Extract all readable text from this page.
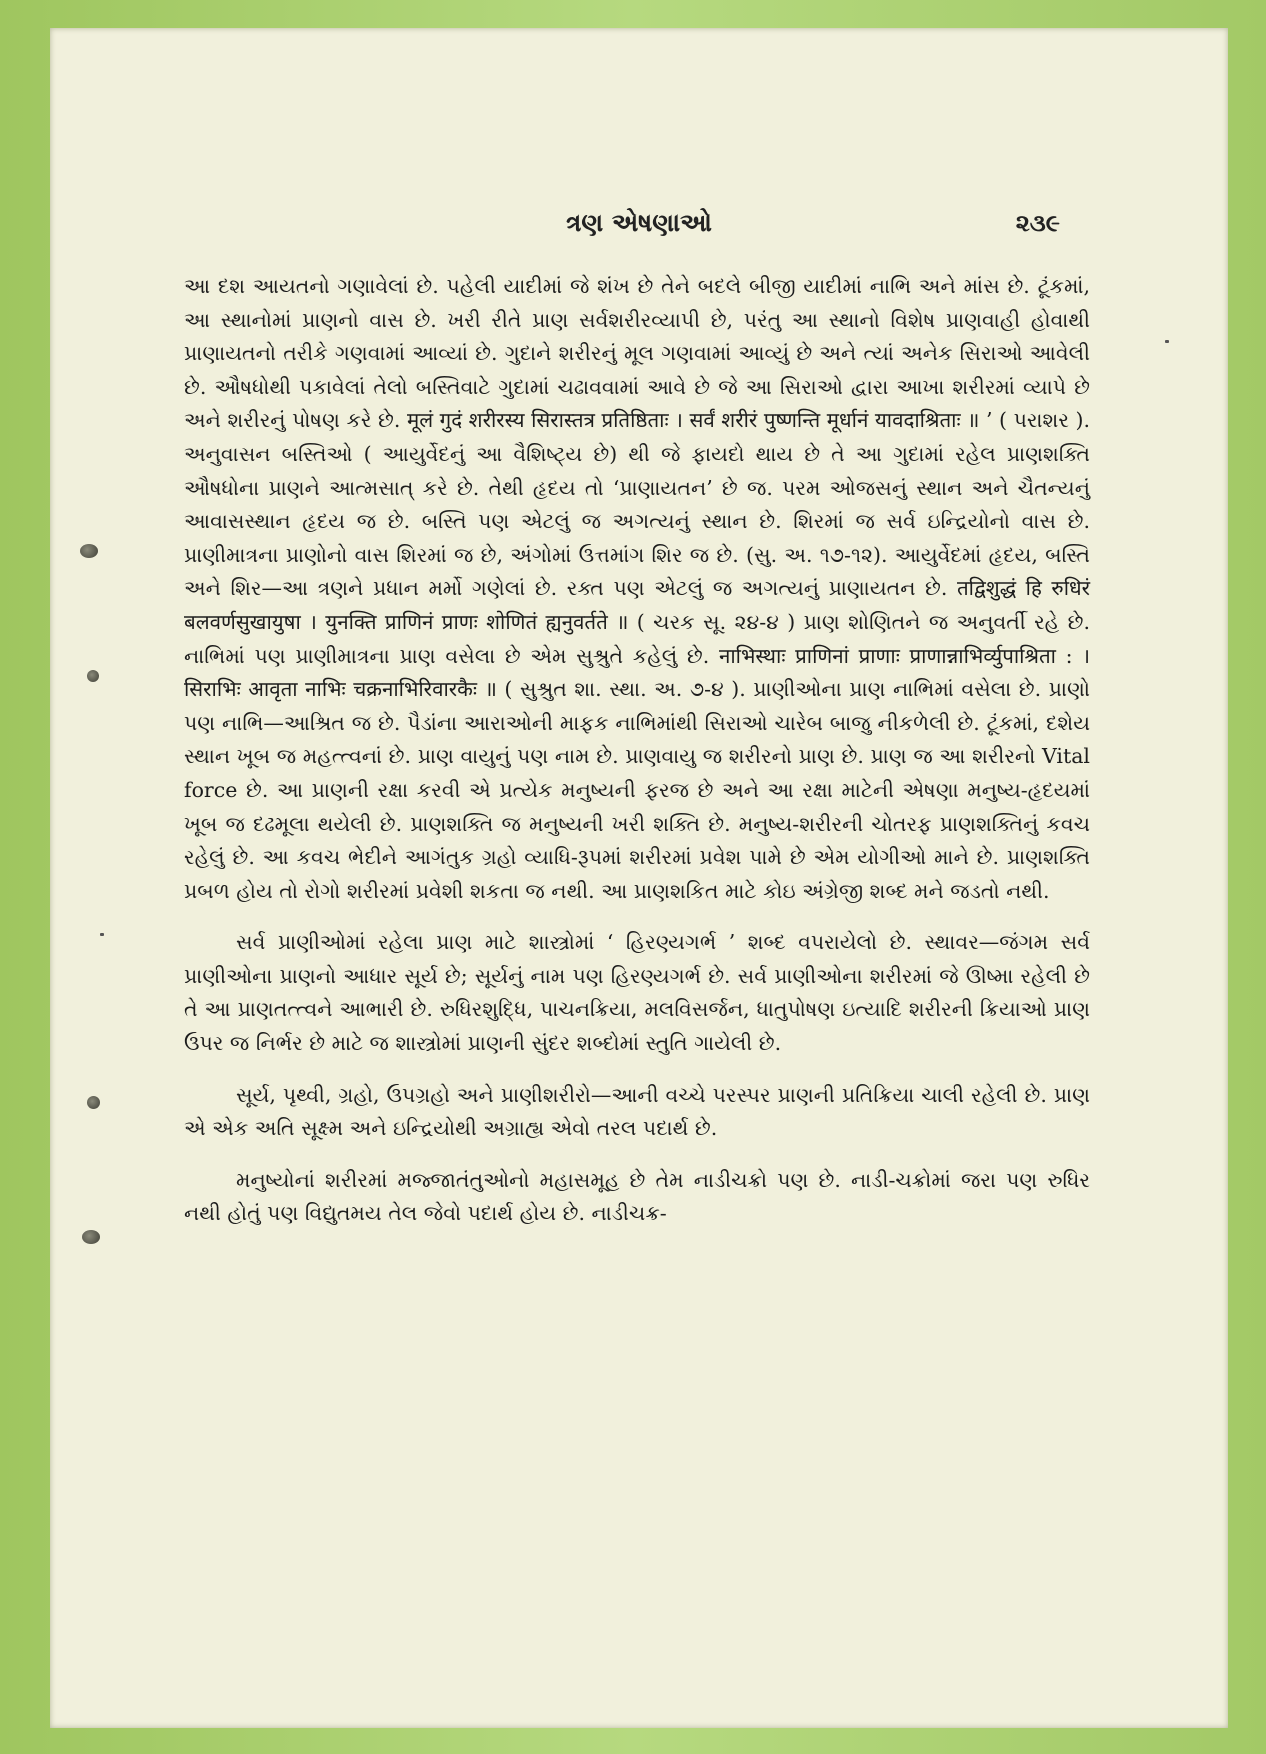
ત્રણ એષણાઓ	૨૩૯

આ દશ આયતનો ગણાવેલાં છે. પહેલી યાદીમાં જે શંખ છે તેને બદલે બીજી યાદીમાં નાભિ અને માંસ છે. ટૂંકમાં, આ સ્થાનોમાં પ્રાણનો વાસ છે. ખરી રીતે પ્રાણ સર્વશરીરવ્યાપી છે, પરંતુ આ સ્થાનો વિશેષ પ્રાણવાહી હોવાથી પ્રાણાયતનો તરીકે ગણવામાં આવ્યાં છે. ગુદાને શરીરનું મૂલ ગણવામાં આવ્યું છે અને ત્યાં અનેક સિરાઓ આવેલી છે. ઔષધોથી પકાવેલાં તેલો બસ્તિવાટે ગુદામાં ચઢાવવામાં આવે છે જે આ સિરાઓ દ્વારા આખા શરીરમાં વ્યાપે છે અને શરીરનું પોષણ કરે છે. मूलं गुदं शरीरस्य सिरास्तत्र प्रतिष्ठिताः । सर्वं शरीरं पुष्णन्ति मूर्धानं यावदाश्रिताः ॥ ’ ( પરાશર ). અનુવાસન બસ્તિઓ ( આયુર્વેદનું આ વૈશિષ્ટ્ય છે) થી જે ફાયદો થાય છે તે આ ગુદામાં રહેલ પ્રાણશક્તિ ઔષધોના પ્રાણને આત્મસાત્ કરે છે. તેથી હૃદય તો ‘પ્રાણાયતન’ છે જ. પરમ ઓજસનું સ્થાન અને ચૈતન્યનું આવાસસ્થાન હૃદય જ છે. બસ્તિ પણ એટલું જ અગત્યનું સ્થાન છે. શિરમાં જ સર્વ ઇન્દ્રિયોનો વાસ છે. પ્રાણીમાત્રના પ્રાણોનો વાસ શિરમાં જ છે, અંગોમાં ઉત્તમાંગ શિર જ છે. (સુ. અ. ૧૭-૧૨). આયુર્વેદમાં હૃદય, બસ્તિ અને શિર—આ ત્રણને પ્રધાન મર્મો ગણેલાં છે. રક્ત પણ એટલું જ અગત્યનું પ્રાણાયતન છે. तद्विशुद्धं हि रुधिरं बलवर्णसुखायुषा । युनक्ति प्राणिनं प्राणः शोणितं ह्यनुवर्तते ॥ ( ચરક સૂ. ૨૪-૪ ) પ્રાણ શોણિતને જ અનુવર્તી રહે છે. નાભિમાં પણ પ્રાણીમાત્રના પ્રાણ વસેલા છે એમ સુશ્રુતે કહેલું છે. नाभिस्थाः प्राणिनां प्राणाः प्राणान्नाभिर्व्युपाश्रिता : । सिराभिः आवृता नाभिः चक्रनाभिरिवारकैः ॥ ( સુશ્રુત શા. સ્થા. અ. ૭-૪ ). પ્રાણીઓના પ્રાણ નાભિમાં વસેલા છે. પ્રાણો પણ નાભિ—આશ્રિત જ છે. પૈડાંના આરાઓની માફક નાભિમાંથી સિરાઓ ચારેબ બાજુ નીકળેલી છે. ટૂંકમાં, દશેય સ્થાન ખૂબ જ મહત્ત્વનાં છે. પ્રાણ વાયુનું પણ નામ છે. પ્રાણવાયુ જ શરીરનો પ્રાણ છે. પ્રાણ જ આ શરીરનો Vital force છે. આ પ્રાણની રક્ષા કરવી એ પ્રત્યેક મનુષ્યની ફરજ છે અને આ રક્ષા માટેની એષણા મનુષ્ય-હૃદયમાં ખૂબ જ દઢમૂલા થયેલી છે. પ્રાણશક્તિ જ મનુષ્યની ખરી શક્તિ છે. મનુષ્ય-શરીરની ચોતરફ પ્રાણશક્તિનું કવચ રહેલું છે. આ કવચ ભેદીને આગંતુક ગ્રહો વ્યાધિ-રૂપમાં શરીરમાં પ્રવેશ પામે છે એમ યોગીઓ માને છે. પ્રાણશક્તિ પ્રબળ હોય તો રોગો શરીરમાં પ્રવેશી શકતા જ નથી. આ પ્રાણશકિત માટે કોઇ અંગ્રેજી શબ્દ મને જડતો નથી.

સર્વ પ્રાણીઓમાં રહેલા પ્રાણ માટે શાસ્ત્રોમાં ‘ હિરણ્યગર્ભ ’ શબ્દ વપરાયેલો છે. સ્થાવર—જંગમ સર્વ પ્રાણીઓના પ્રાણનો આધાર સૂર્ય છે; સૂર્યનું નામ પણ હિરણ્યગર્ભ છે. સર્વ પ્રાણીઓના શરીરમાં જે ઊષ્મા રહેલી છે તે આ પ્રાણતત્ત્વને આભારી છે. રુધિરશુદ્ધિ, પાચનક્રિયા, મલવિસર્જન, ધાતુપોષણ ઇત્યાદિ શરીરની ક્રિયાઓ પ્રાણ ઉપર જ નિર્ભર છે માટે જ શાસ્ત્રોમાં પ્રાણની સુંદર શબ્દોમાં સ્તુતિ ગાયેલી છે.

સૂર્ય, પૃથ્વી, ગ્રહો, ઉપગ્રહો અને પ્રાણીશરીરો—આની વચ્ચે પરસ્પર પ્રાણની પ્રતિક્રિયા ચાલી રહેલી છે. પ્રાણ એ એક અતિ સૂક્ષ્મ અને ઇન્દ્રિયોથી અગ્રાહ્ય એવો તરલ પદાર્થ છે.

મનુષ્યોનાં શરીરમાં મજ્જાતંતુઓનો મહાસમૂહ છે તેમ નાડીચક્રો પણ છે. નાડી-ચક્રોમાં જરા પણ રુધિર નથી હોતું પણ વિદ્યુતમય તેલ જેવો પદાર્થ હોય છે. નાડીચક્ર-
